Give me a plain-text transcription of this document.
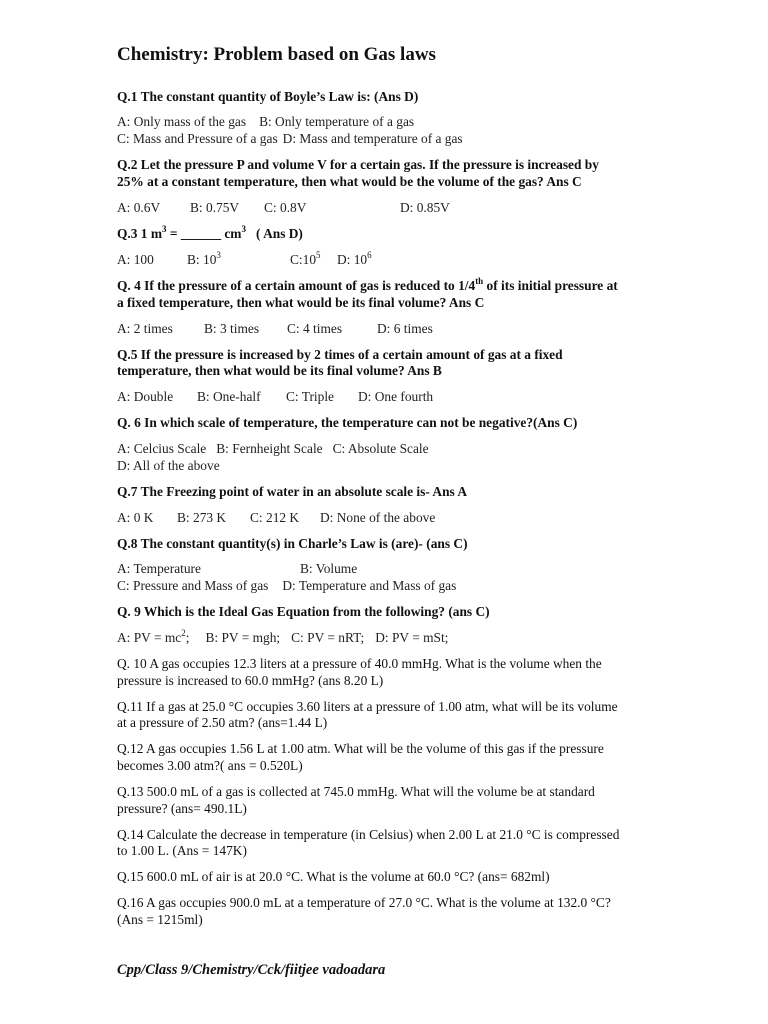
Chemistry: Problem based on Gas laws
Q.1 The constant quantity of Boyle’s Law is: (Ans D)
A: Only mass of the gas B: Only temperature of a gas
C: Mass and Pressure of a gas D: Mass and temperature of a gas
Q.2 Let the pressure P and volume V for a certain gas. If the pressure is increased by
25% at a constant temperature, then what would be the volume of the gas? Ans C
A: 0.6V B: 0.75V C: 0.8V	D: 0.85V
Q.3 1 $m^3$ = ______ $cm^3$   ( Ans D)
A: 100 B: $10^3$	$C:10^5$ D: $10^6$
Q. 4 If the pressure of a certain amount of gas is reduced to 1/4th of its initial pressure at
a fixed temperature, then what would be its final volume? Ans C
A: 2 times B: 3 times C: 4 times	D: 6 times
Q.5 If the pressure is increased by 2 times of a certain amount of gas at a fixed
temperature, then what would be its final volume? Ans B
A: Double B: One-half C: Triple D: One fourth
Q. 6 In which scale of temperature, the temperature can not be negative?(Ans C)
A: Celcius Scale B: Fernheight Scale C: Absolute Scale
D: All of the above
Q.7 The Freezing point of water in an absolute scale is- Ans A
A: 0 K B: 273 K C: 212 K D: None of the above
Q.8 The constant quantity(s) in Charle’s Law is (are)- (ans C)
A: Temperature	B: Volume
C: Pressure and Mass of gas D: Temperature and Mass of gas
Q. 9 Which is the Ideal Gas Equation from the following? (ans C)
A: PV = $mc^2$; B: PV = mgh; C: PV = nRT; D: PV = mSt;
Q. 10 A gas occupies 12.3 liters at a pressure of 40.0 mmHg. What is the volume when the
pressure is increased to 60.0 mmHg? (ans 8.20 L)
Q.11 If a gas at 25.0 °C occupies 3.60 liters at a pressure of 1.00 atm, what will be its volume
at a pressure of 2.50 atm? (ans=1.44 L)
Q.12 A gas occupies 1.56 L at 1.00 atm. What will be the volume of this gas if the pressure
becomes 3.00 atm?( ans = 0.520L)
Q.13 500.0 mL of a gas is collected at 745.0 mmHg. What will the volume be at standard
pressure? (ans= 490.1L)
Q.14 Calculate the decrease in temperature (in Celsius) when 2.00 L at 21.0 °C is compressed
to 1.00 L. (Ans = 147K)
Q.15 600.0 mL of air is at 20.0 °C. What is the volume at 60.0 °C? (ans= 682ml)
Q.16 A gas occupies 900.0 mL at a temperature of 27.0 °C. What is the volume at 132.0 °C?
(Ans = 1215ml)
Cpp/Class 9/Chemistry/Cck/fiitjee vadoadara
